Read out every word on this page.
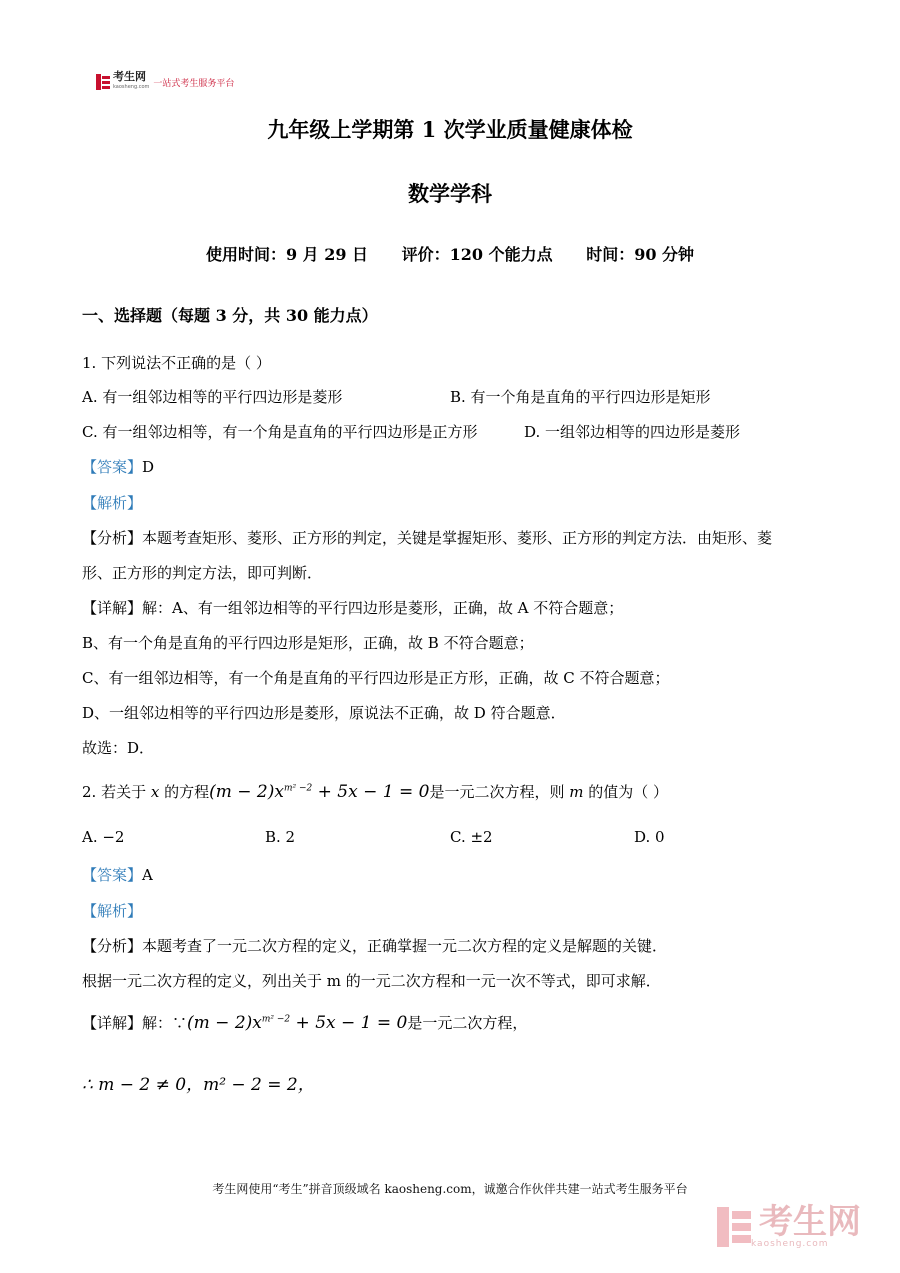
考生网
kaosheng.com 一站式考生服务平台
九年级上学期第 1 次学业质量健康体检
数学学科
使用时间：9 月 29 日 评价：120 个能力点 时间：90 分钟
一、选择题（每题 3 分，共 30 能力点）
1. 下列说法不正确的是（ ）
A. 有一组邻边相等的平行四边形是菱形	B. 有一个角是直角的平行四边形是矩形
C. 有一组邻边相等，有一个角是直角的平行四边形是正方形	D. 一组邻边相等的四边形是菱形
【答案】D
【解析】
【分析】本题考查矩形、菱形、正方形的判定，关键是掌握矩形、菱形、正方形的判定方法．由矩形、菱
形、正方形的判定方法，即可判断．
【详解】解：A、有一组邻边相等的平行四边形是菱形，正确，故 A 不符合题意；
B、有一个角是直角的平行四边形是矩形，正确，故 B 不符合题意；
C、有一组邻边相等，有一个角是直角的平行四边形是正方形，正确，故 C 不符合题意；
D、一组邻边相等的平行四边形是菱形，原说法不正确，故 D 符合题意．
故选：D．
2. 若关于 x 的方程$(m - 2)x^{m^2 -2} + 5x - 1 = 0$是一元二次方程，则 m 的值为（ ）
A. −2	B. 2	C. ±2	D. 0
【答案】A
【解析】
【分析】本题考查了一元二次方程的定义，正确掌握一元二次方程的定义是解题的关键．
根据一元二次方程的定义，列出关于 m 的一元二次方程和一元一次不等式，即可求解．
【详解】解：∵(m − $2)x^{m^2 -2} + 5x - 1 = 0$是一元二次方程，
∴ m − 2 ≠ 0，m² − 2 = 2，
考生网使用“考生”拼音顶级域名 kaosheng.com，诚邀合作伙伴共建一站式考生服务平台
考生网
kaosheng.com
